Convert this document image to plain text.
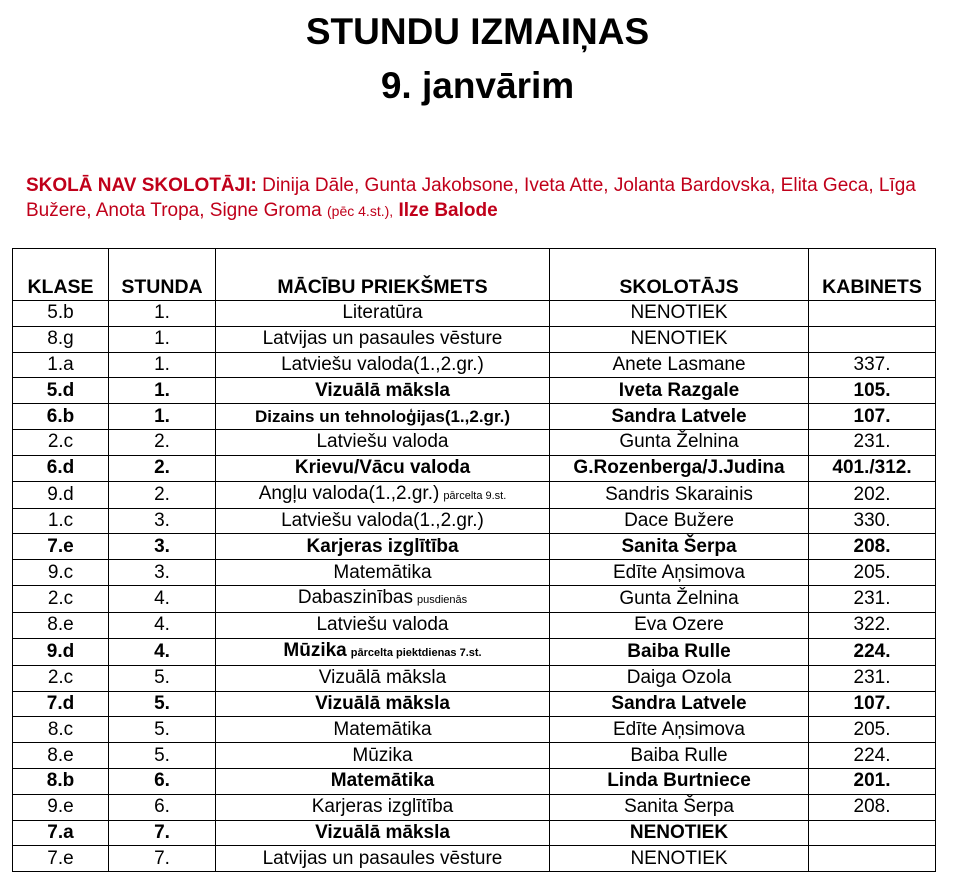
STUNDU IZMAIŅAS
9. janvārim
SKOLĀ NAV SKOLOTĀJI: Dinija Dāle, Gunta Jakobsone, Iveta Atte, Jolanta Bardovska, Elita Geca, Līga Bužere, Anota Tropa, Signe Groma (pēc 4.st.), Ilze Balode
KLASE	STUNDA	MĀCĪBU PRIEKŠMETS	SKOLOTĀJS	KABINETS
5.b	1.	Literatūra	NENOTIEK	
8.g	1.	Latvijas un pasaules vēsture	NENOTIEK	
1.a	1.	Latviešu valoda(1.,2.gr.)	Anete Lasmane	337.
5.d	1.	Vizuālā māksla	Iveta Razgale	105.
6.b	1.	Dizains un tehnoloģijas(1.,2.gr.)	Sandra Latvele	107.
2.c	2.	Latviešu valoda	Gunta Želnina	231.
6.d	2.	Krievu/Vācu valoda	G.Rozenberga/J.Judina	401./312.
9.d	2.	Angļu valoda(1.,2.gr.) pārcelta 9.st.	Sandris Skarainis	202.
1.c	3.	Latviešu valoda(1.,2.gr.)	Dace Bužere	330.
7.e	3.	Karjeras izglītība	Sanita Šerpa	208.
9.c	3.	Matemātika	Edīte Aņsimova	205.
2.c	4.	Dabaszinības pusdienās	Gunta Želnina	231.
8.e	4.	Latviešu valoda	Eva Ozere	322.
9.d	4.	Mūzika pārcelta piektdienas 7.st.	Baiba Rulle	224.
2.c	5.	Vizuālā māksla	Daiga Ozola	231.
7.d	5.	Vizuālā māksla	Sandra Latvele	107.
8.c	5.	Matemātika	Edīte Aņsimova	205.
8.e	5.	Mūzika	Baiba Rulle	224.
8.b	6.	Matemātika	Linda Burtniece	201.
9.e	6.	Karjeras izglītība	Sanita Šerpa	208.
7.a	7.	Vizuālā māksla	NENOTIEK	
7.e	7.	Latvijas un pasaules vēsture	NENOTIEK	
